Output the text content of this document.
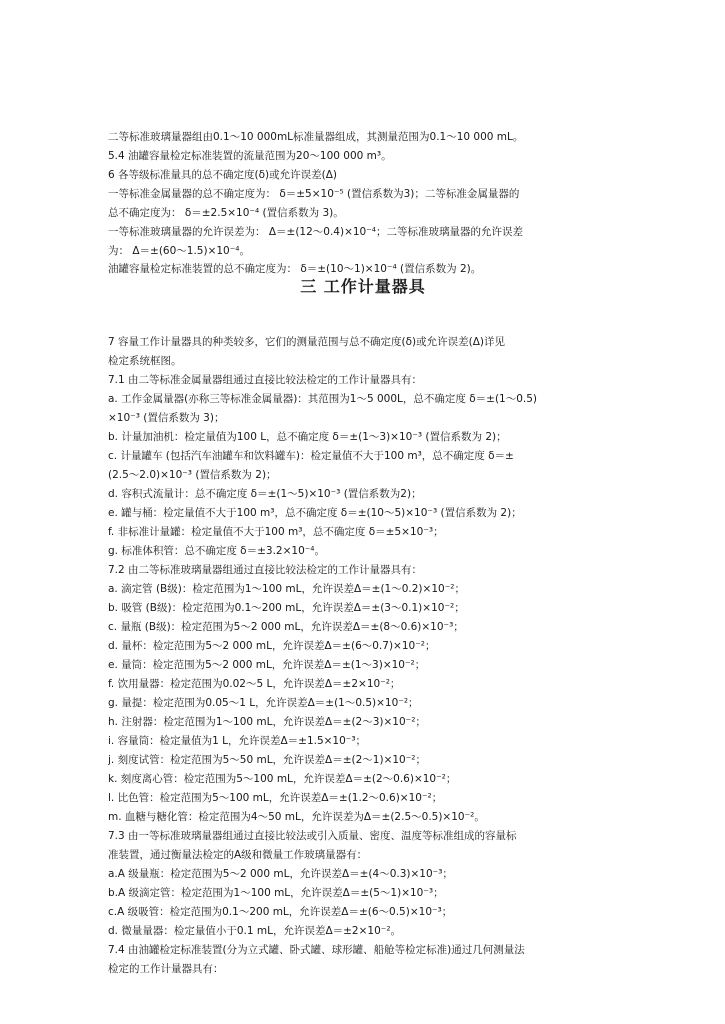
二等标准玻璃量器组由0.1～10 000mL标准量器组成，其测量范围为0.1～10 000 mL。
5.4 油罐容量检定标准装置的流量范围为20～100 000 m³。
6 各等级标准量具的总不确定度(δ)或允许误差(Δ)
一等标准金属量器的总不确定度为： δ＝±5×10⁻⁵ (置信系数为3)；二等标准金属量器的
总不确定度为： δ＝±2.5×10⁻⁴ (置信系数为 3)。
一等标准玻璃量器的允许误差为： Δ＝±(12～0.4)×10⁻⁴；二等标准玻璃量器的允许误差
为： Δ＝±(60～1.5)×10⁻⁴。
油罐容量检定标准装置的总不确定度为： δ＝±(10～1)×10⁻⁴ (置信系数为 2)。
三 工作计量器具
7 容量工作计量器具的种类较多，它们的测量范围与总不确定度(δ)或允许误差(Δ)详见
检定系统框图。
7.1 由二等标准金属量器组通过直接比较法检定的工作计量器具有：
a. 工作金属量器(亦称三等标准金属量器)：其范围为1～5 000L，总不确定度 δ＝±(1～0.5)
×10⁻³ (置信系数为 3)；
b. 计量加油机：检定量值为100 L，总不确定度 δ＝±(1～3)×10⁻³ (置信系数为 2)；
c. 计量罐车 (包括汽车油罐车和饮料罐车)：检定量值不大于100 m³，总不确定度 δ＝±
(2.5～2.0)×10⁻³ (置信系数为 2)；
d. 容积式流量计：总不确定度 δ＝±(1～5)×10⁻³ (置信系数为2)；
e. 罐与桶：检定量值不大于100 m³，总不确定度 δ＝±(10～5)×10⁻³ (置信系数为 2)；
f. 非标准计量罐：检定量值不大于100 m³，总不确定度 δ＝±5×10⁻³；
g. 标准体积管：总不确定度 δ＝±3.2×10⁻⁴。
7.2 由二等标准玻璃量器组通过直接比较法检定的工作计量器具有：
a. 滴定管 (B级)：检定范围为1～100 mL，允许误差Δ＝±(1～0.2)×10⁻²；
b. 吸管 (B级)：检定范围为0.1～200 mL，允许误差Δ＝±(3～0.1)×10⁻²；
c. 量瓶 (B级)：检定范围为5～2 000 mL，允许误差Δ＝±(8～0.6)×10⁻³；
d. 量杯：检定范围为5～2 000 mL，允许误差Δ＝±(6～0.7)×10⁻²；
e. 量筒：检定范围为5～2 000 mL，允许误差Δ＝±(1～3)×10⁻²；
f. 饮用量器：检定范围为0.02～5 L，允许误差Δ＝±2×10⁻²；
g. 量提：检定范围为0.05～1 L，允许误差Δ＝±(1～0.5)×10⁻²；
h. 注射器：检定范围为1～100 mL，允许误差Δ＝±(2～3)×10⁻²；
i. 容量筒：检定量值为1 L，允许误差Δ＝±1.5×10⁻³；
j. 刻度试管：检定范围为5～50 mL，允许误差Δ＝±(2～1)×10⁻²；
k. 刻度离心管：检定范围为5～100 mL，允许误差Δ＝±(2～0.6)×10⁻²；
l. 比色管：检定范围为5～100 mL，允许误差Δ＝±(1.2～0.6)×10⁻²；
m. 血糖与糖化管：检定范围为4～50 mL，允许误差为Δ＝±(2.5～0.5)×10⁻²。
7.3 由一等标准玻璃量器组通过直接比较法或引入质量、密度、温度等标准组成的容量标
准装置，通过衡量法检定的A级和微量工作玻璃量器有：
a.A 级量瓶：检定范围为5～2 000 mL，允许误差Δ＝±(4～0.3)×10⁻³；
b.A 级滴定管：检定范围为1～100 mL，允许误差Δ＝±(5～1)×10⁻³；
c.A 级吸管：检定范围为0.1～200 mL，允许误差Δ＝±(6～0.5)×10⁻³；
d. 微量量器：检定量值小于0.1 mL，允许误差Δ＝±2×10⁻²。
7.4 由油罐检定标准装置(分为立式罐、卧式罐、球形罐、船舱等检定标准)通过几何测量法
检定的工作计量器具有：
